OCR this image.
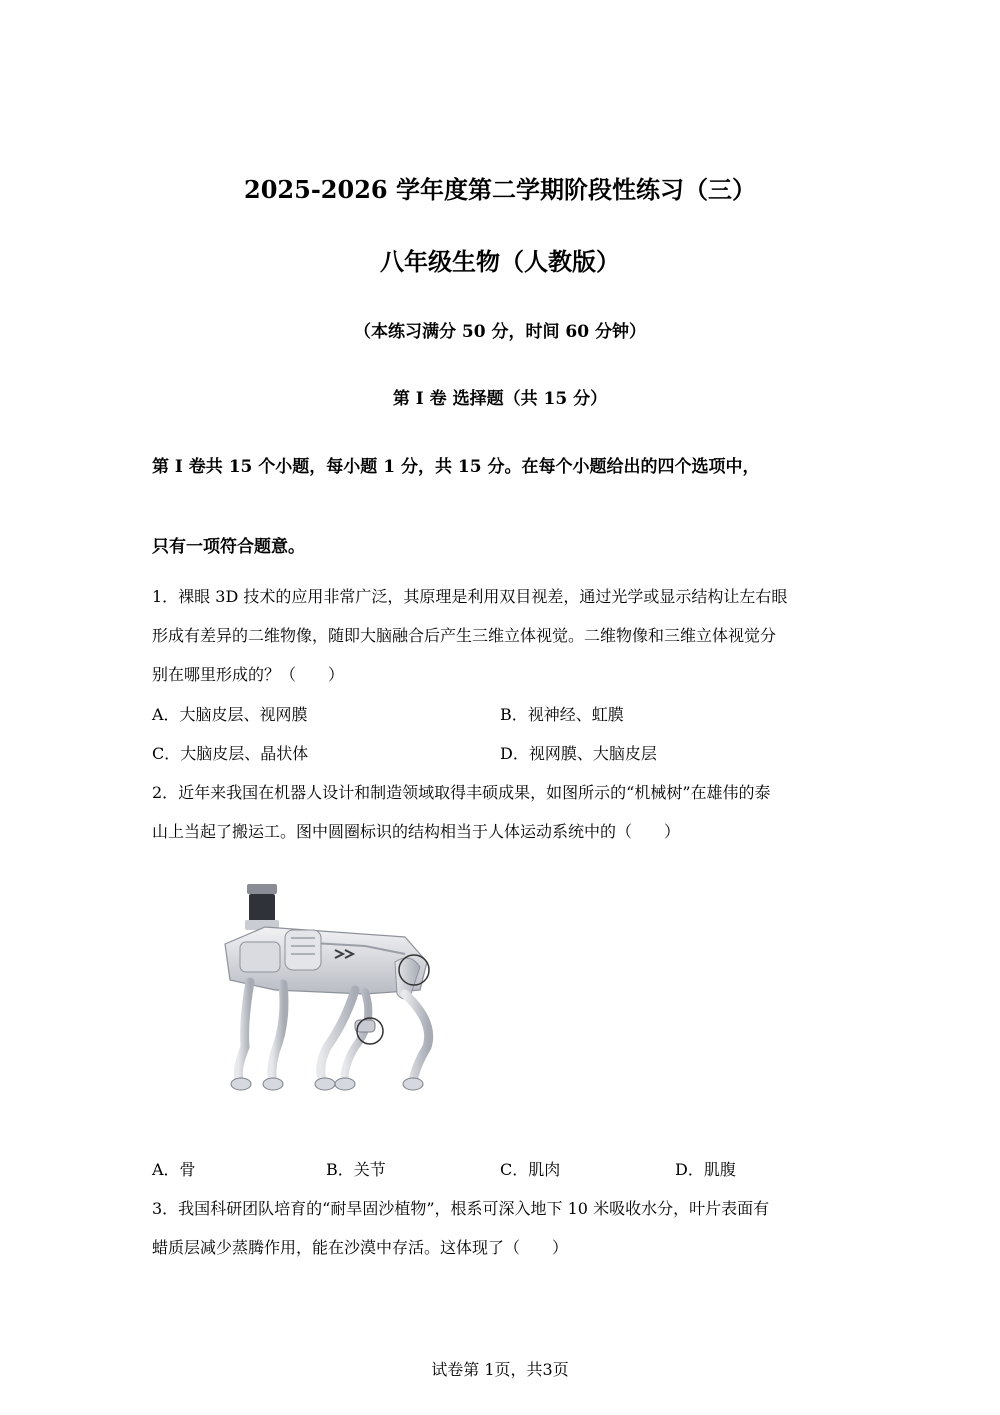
2025-2026 学年度第二学期阶段性练习（三）
八年级生物（人教版）
（本练习满分 50 分，时间 60 分钟）
第 Ⅰ 卷 选择题（共 15 分）
第 Ⅰ 卷共 15 个小题，每小题 1 分，共 15 分。在每个小题给出的四个选项中，
只有一项符合题意。
1．裸眼 3D 技术的应用非常广泛，其原理是利用双目视差，通过光学或显示结构让左右眼
形成有差异的二维物像，随即大脑融合后产生三维立体视觉。二维物像和三维立体视觉分
别在哪里形成的？（　　）
A．大脑皮层、视网膜	B．视神经、虹膜
C．大脑皮层、晶状体	D．视网膜、大脑皮层
2．近年来我国在机器人设计和制造领域取得丰硕成果，如图所示的“机械树”在雄伟的泰
山上当起了搬运工。图中圆圈标识的结构相当于人体运动系统中的（　　）
A．骨	B．关节	C．肌肉	D．肌腹
3．我国科研团队培育的“耐旱固沙植物”，根系可深入地下 10 米吸收水分，叶片表面有
蜡质层减少蒸腾作用，能在沙漠中存活。这体现了（　　）
试卷第 1页，共3页
